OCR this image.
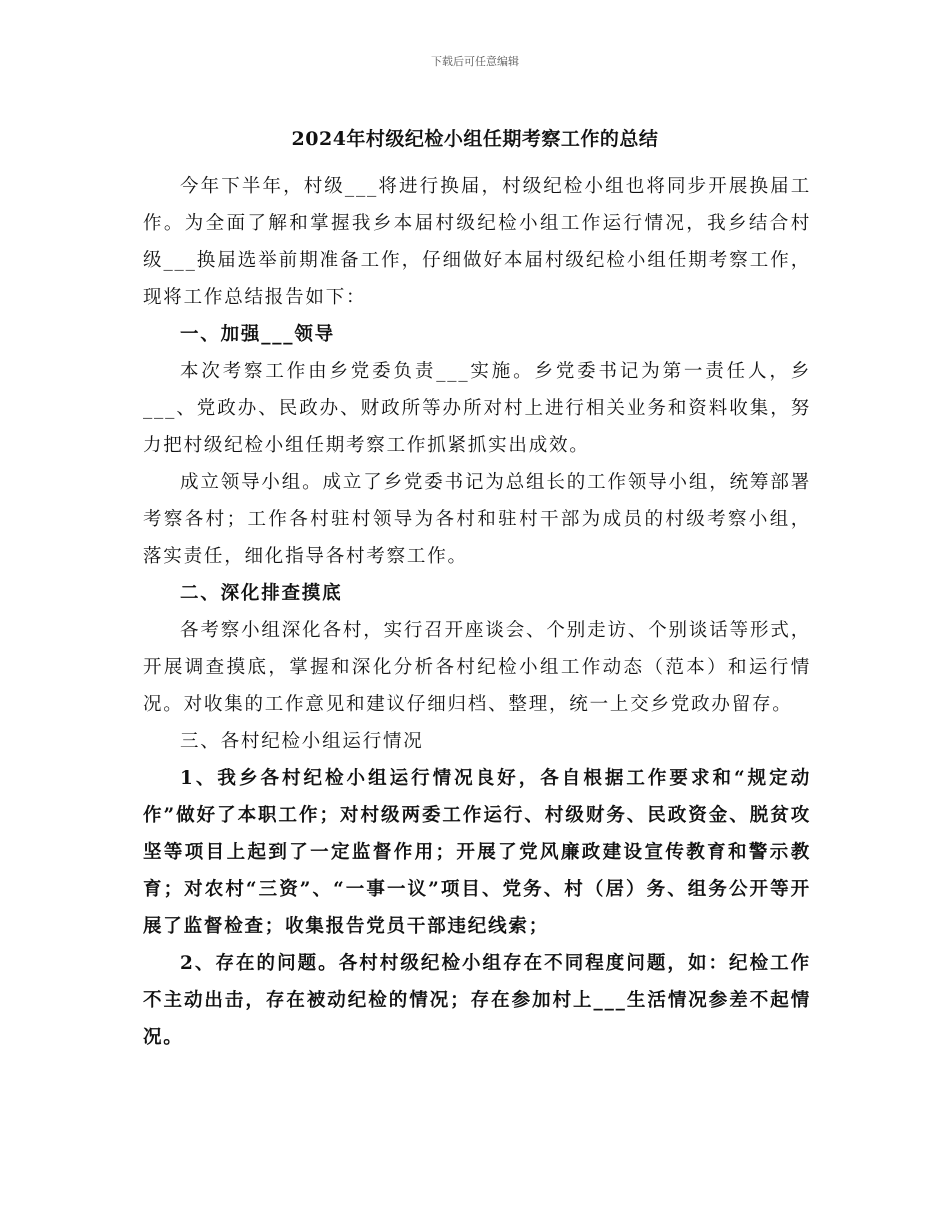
下载后可任意编辑
2024年村级纪检小组任期考察工作的总结

今年下半年，村级___将进行换届，村级纪检小组也将同步开展换届工作。为全面了解和掌握我乡本届村级纪检小组工作运行情况，我乡结合村级___换届选举前期准备工作，仔细做好本届村级纪检小组任期考察工作，现将工作总结报告如下：

一、加强___领导

本次考察工作由乡党委负责___实施。乡党委书记为第一责任人，乡___、党政办、民政办、财政所等办所对村上进行相关业务和资料收集，努力把村级纪检小组任期考察工作抓紧抓实出成效。

成立领导小组。成立了乡党委书记为总组长的工作领导小组，统筹部署考察各村；工作各村驻村领导为各村和驻村干部为成员的村级考察小组，落实责任，细化指导各村考察工作。

二、深化排查摸底

各考察小组深化各村，实行召开座谈会、个别走访、个别谈话等形式，开展调查摸底，掌握和深化分析各村纪检小组工作动态（范本）和运行情况。对收集的工作意见和建议仔细归档、整理，统一上交乡党政办留存。

三、各村纪检小组运行情况

1、我乡各村纪检小组运行情况良好，各自根据工作要求和“规定动作”做好了本职工作；对村级两委工作运行、村级财务、民政资金、脱贫攻坚等项目上起到了一定监督作用；开展了党风廉政建设宣传教育和警示教育；对农村“三资”、“一事一议”项目、党务、村（居）务、组务公开等开展了监督检查；收集报告党员干部违纪线索；

2、存在的问题。各村村级纪检小组存在不同程度问题，如：纪检工作不主动出击，存在被动纪检的情况；存在参加村上___生活情况参差不起情况。
